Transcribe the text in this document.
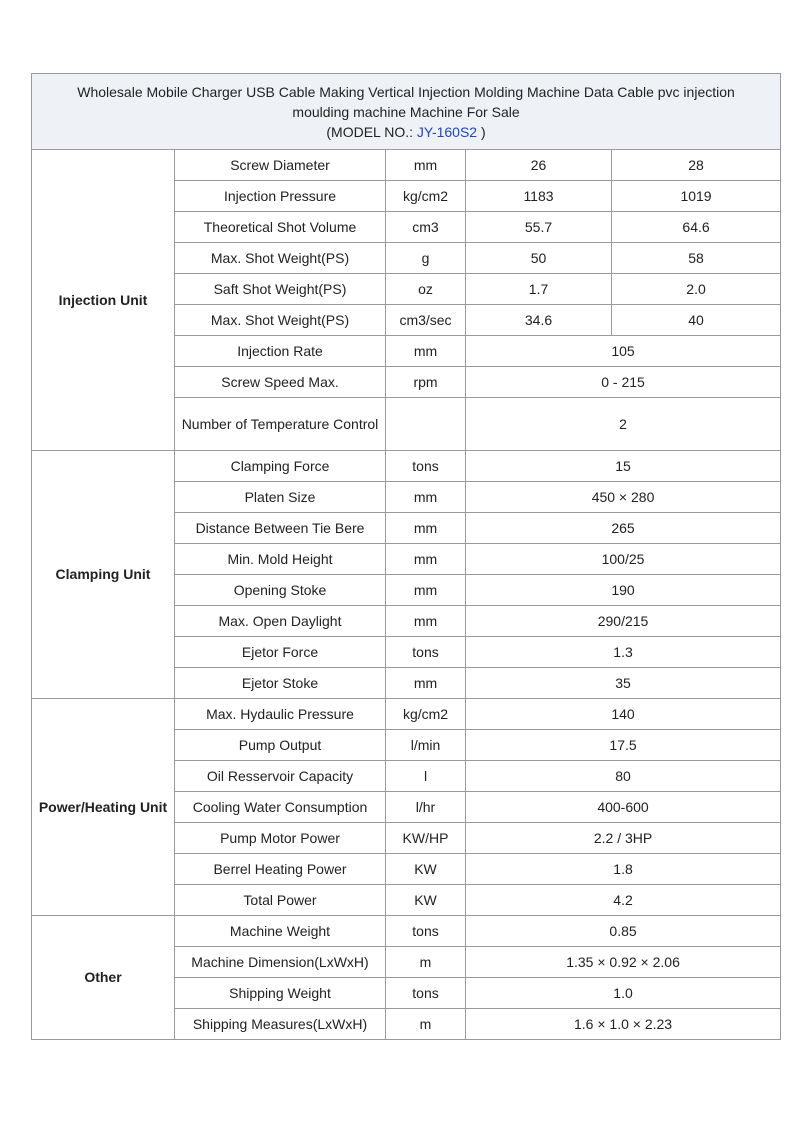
Wholesale Mobile Charger USB Cable Making Vertical Injection Molding Machine Data Cable pvc injection moulding machine Machine For Sale
(MODEL NO.: JY-160S2 )				

Injection Unit	Screw Diameter	mm	26	28
	Injection Pressure	kg/cm2	1183	1019
	Theoretical Shot Volume	cm3	55.7	64.6
	Max. Shot Weight(PS)	g	50	58
	Saft Shot Weight(PS)	oz	1.7	2.0
	Max. Shot Weight(PS)	cm3/sec	34.6	40
	Injection Rate	mm	105	
	Screw Speed Max.	rpm	0 - 215	
	Number of Temperature Control		2	
Clamping Unit	Clamping Force	tons	15	
	Platen Size	mm	450 × 280	
	Distance Between Tie Bere	mm	265	
	Min. Mold Height	mm	100/25	
	Opening Stoke	mm	190	
	Max. Open Daylight	mm	290/215	
	Ejetor Force	tons	1.3	
	Ejetor Stoke	mm	35	
Power/Heating Unit	Max. Hydaulic Pressure	kg/cm2	140	
	Pump Output	l/min	17.5	
	Oil Resservoir Capacity	l	80	
	Cooling Water Consumption	l/hr	400-600	
	Pump Motor Power	KW/HP	2.2 / 3HP	
	Berrel Heating Power	KW	1.8	
	Total Power	KW	4.2	
Other	Machine Weight	tons	0.85	
	Machine Dimension(LxWxH)	m	1.35 × 0.92 × 2.06	
	Shipping Weight	tons	1.0	
	Shipping Measures(LxWxH)	m	1.6 × 1.0 × 2.23	
